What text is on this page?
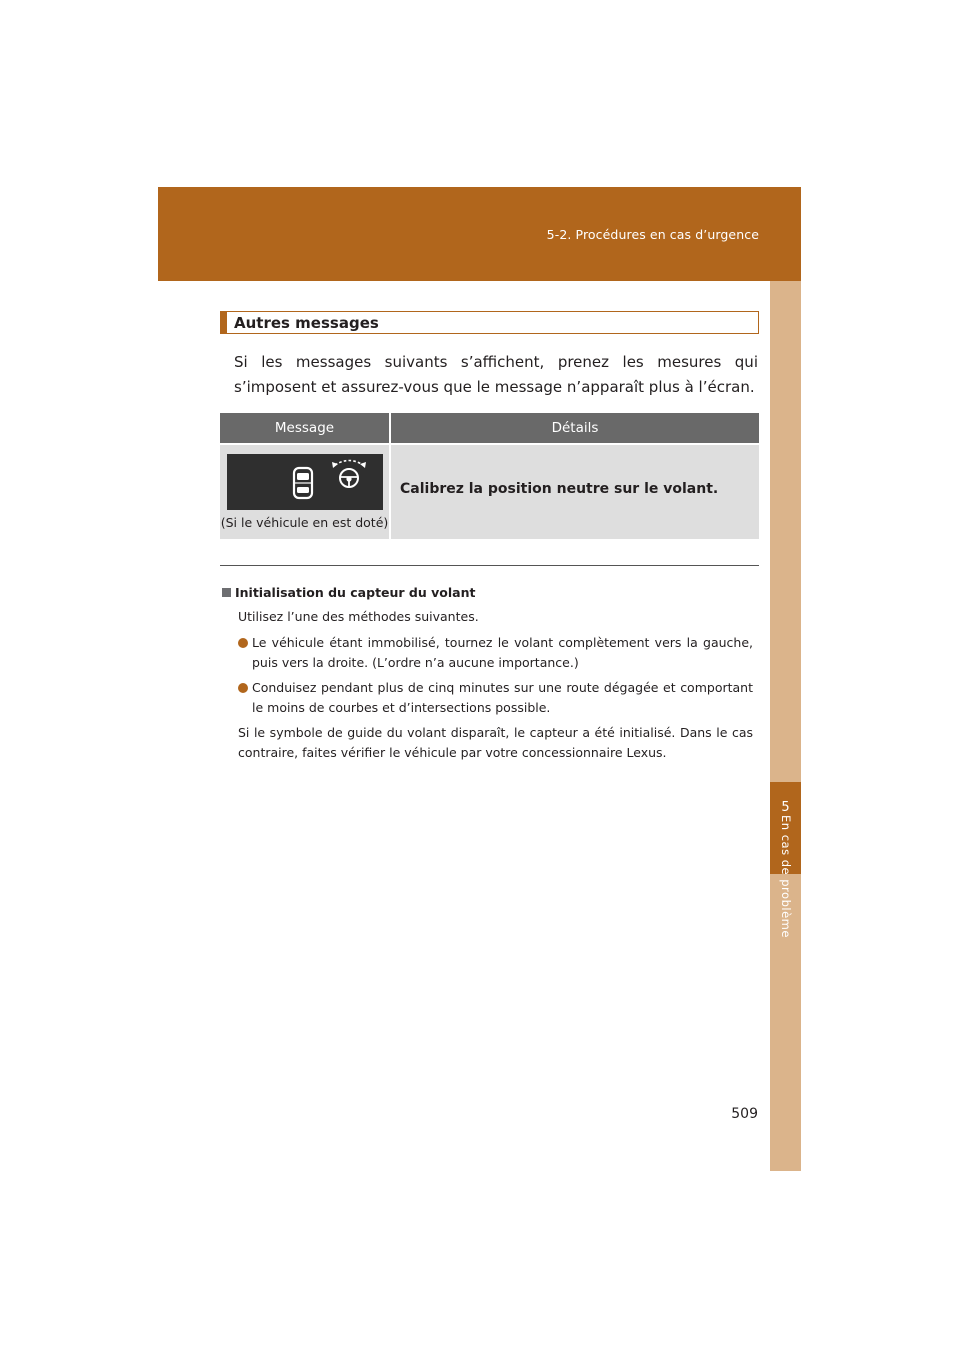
5-2. Procédures en cas d’urgence
5
En cas de problème
Autres messages
Si les messages suivants s’affichent, prenez les mesures qui s’imposent et assurez-vous que le message n’apparaît plus à l’écran.
Message	Détails
(Si le véhicule en est doté)
Calibrez la position neutre sur le volant.
Initialisation du capteur du volant
Utilisez l’une des méthodes suivantes.
Le véhicule étant immobilisé, tournez le volant complètement vers la gauche, puis vers la droite. (L’ordre n’a aucune importance.)
Conduisez pendant plus de cinq minutes sur une route dégagée et comportant le moins de courbes et d’intersections possible.
Si le symbole de guide du volant disparaît, le capteur a été initialisé. Dans le cas contraire, faites vérifier le véhicule par votre concessionnaire Lexus.
509
